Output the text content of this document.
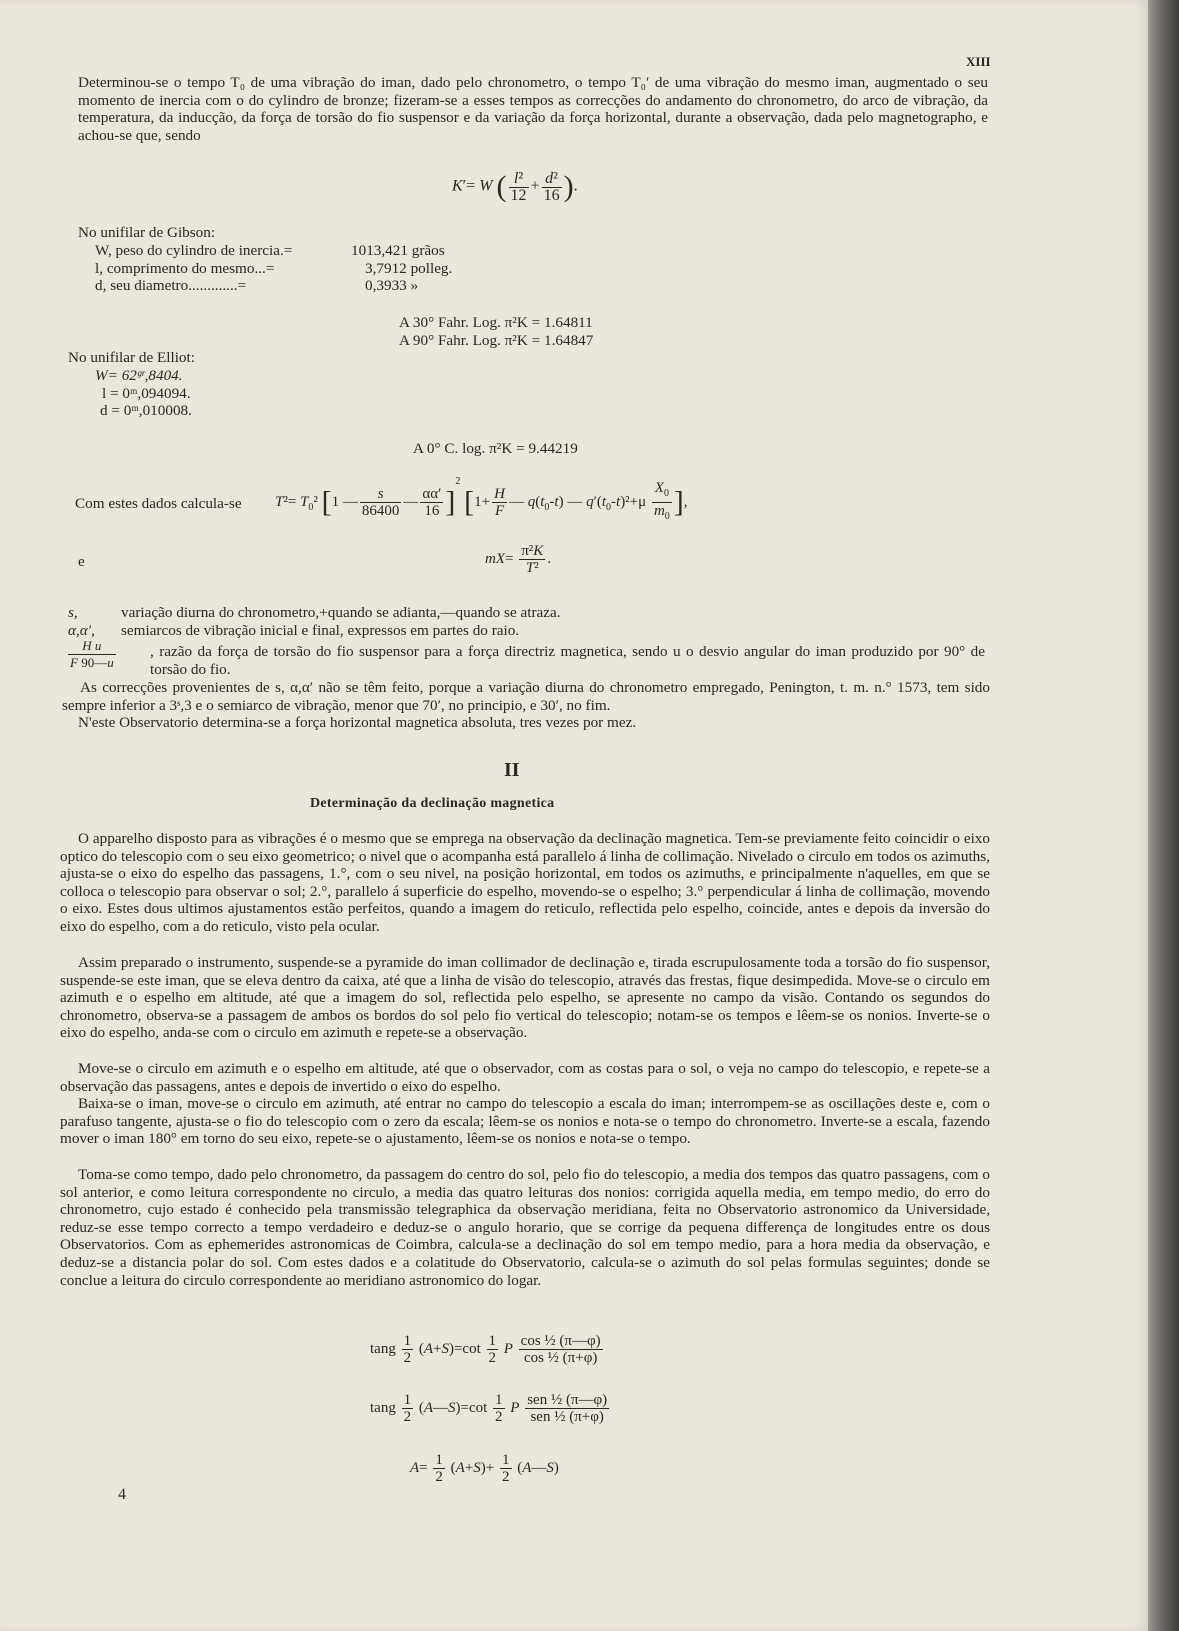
XIII
Determinou-se o tempo T₀ de uma vibração do iman, dado pelo chronometro, o tempo T₀′ de uma vibração do mesmo iman, augmentado o seu momento de inercia com o do cylindro de bronze; fizeram-se a esses tempos as correcções do andamento do chronometro, do arco de vibração, da temperatura, da inducção, da força de torsão do fio suspensor e da variação da força horizontal, durante a observação, dada pelo magnetographo, e achou-se que, sendo
K′= W ( $\frac{\text{l²}}{12} + \frac{\text{d²}}{16}$ ).
No unifilar de Gibson:
W, peso do cylindro de inercia.=	1013,421 grãos
l, comprimento do mesmo...=	3,7912 polleg.
d, seu diametro.............=	0,3933 »
A 30° Fahr. Log. π²K = 1.64811
A 90° Fahr. Log. π²K = 1.64847
No unifilar de Elliot:
W= 62ᵍʳ,8404.
l = 0ᵐ,094094.
d = 0ᵐ,010008.
A 0° C. log. π²K = 9.44219
Com estes dados calcula-se $T^2= T_0^2$ [1 — $\frac{s}{86400}$ — $\frac{\alpha\alpha'}{16} ]^2$ [$1+ \frac{H}{F}$ — $q(t_0-t)$ — $q'(t_0-t)^2+\mu \frac{X_0}{m_0}$ ],
e	$mX= \frac{\text{π²K}}{\text{T²}}$ .
s,	variação diurna do chronometro,+quando se adianta,—quando se atraza.
α,α′, semiarcos de vibração inicial e final, expressos em partes do raio.
$\frac{\text{H u}}{F 90—u}$ , razão da força de torsão do fio suspensor para a força directriz magnetica, sendo u o desvio angular do iman produzido por 90° de torsão do fio.
As correcções provenientes de s, α,α′ não se têm feito, porque a variação diurna do chronometro empregado, Penington, t. m. n.° 1573, tem sido sempre inferior a 3ˢ,3 e o semiarco de vibração, menor que 70′, no principio, e 30′, no fim.
N'este Observatorio determina-se a força horizontal magnetica absoluta, tres vezes por mez.
II
Determinação da declinação magnetica
O apparelho disposto para as vibrações é o mesmo que se emprega na observação da declinação magnetica. Tem-se previamente feito coincidir o eixo optico do telescopio com o seu eixo geometrico; o nivel que o acompanha está parallelo á linha de collimação. Nivelado o circulo em todos os azimuths, ajusta-se o eixo do espelho das passagens, 1.°, com o seu nivel, na posição horizontal, em todos os azimuths, e principalmente n'aquelles, em que se colloca o telescopio para observar o sol; 2.°, parallelo á superficie do espelho, movendo-se o espelho; 3.° perpendicular á linha de collimação, movendo o eixo. Estes dous ultimos ajustamentos estão perfeitos, quando a imagem do reticulo, reflectida pelo espelho, coincide, antes e depois da inversão do eixo do espelho, com a do reticulo, visto pela ocular.
Assim preparado o instrumento, suspende-se a pyramide do iman collimador de declinação e, tirada escrupulosamente toda a torsão do fio suspensor, suspende-se este iman, que se eleva dentro da caixa, até que a linha de visão do telescopio, através das frestas, fique desimpedida. Move-se o circulo em azimuth e o espelho em altitude, até que a imagem do sol, reflectida pelo espelho, se apresente no campo da visão. Contando os segundos do chronometro, observa-se a passagem de ambos os bordos do sol pelo fio vertical do telescopio; notam-se os tempos e lêem-se os nonios. Inverte-se o eixo do espelho, anda-se com o circulo em azimuth e repete-se a observação.
Move-se o circulo em azimuth e o espelho em altitude, até que o observador, com as costas para o sol, o veja no campo do telescopio, e repete-se a observação das passagens, antes e depois de invertido o eixo do espelho.
Baixa-se o iman, move-se o circulo em azimuth, até entrar no campo do telescopio a escala do iman; interrompem-se as oscillações deste e, com o parafuso tangente, ajusta-se o fio do telescopio com o zero da escala; lêem-se os nonios e nota-se o tempo do chronometro. Inverte-se a escala, fazendo mover o iman 180° em torno do seu eixo, repete-se o ajustamento, lêem-se os nonios e nota-se o tempo.
Toma-se como tempo, dado pelo chronometro, da passagem do centro do sol, pelo fio do telescopio, a media dos tempos das quatro passagens, com o sol anterior, e como leitura correspondente no circulo, a media das quatro leituras dos nonios: corrigida aquella media, em tempo medio, do erro do chronometro, cujo estado é conhecido pela transmissão telegraphica da observação meridiana, feita no Observatorio astronomico da Universidade, reduz-se esse tempo correcto a tempo verdadeiro e deduz-se o angulo horario, que se corrige da pequena differença de longitudes entre os dous Observatorios. Com as ephemerides astronomicas de Coimbra, calcula-se a declinação do sol em tempo medio, para a hora media da observação, e deduz-se a distancia polar do sol. Com estes dados e a colatitude do Observatorio, calcula-se o azimuth do sol pelas formulas seguintes; donde se conclue a leitura do circulo correspondente ao meridiano astronomico do logar.
tang $\frac{1}{2} (A+S)=\cot \frac{1}{2}$ P $\frac{\text{cos ½ (π—φ)}}{\text{cos ½ (π+φ)}}$
tang $\frac{1}{2}$ (A—S)=cot $\frac{1}{2}$ P $\frac{\text{sen ½ (π—φ)}}{\text{sen ½ (π+φ)}}$
$A= \frac{1}{2} (A+S)+ \frac{1}{2}$ (A—S)
4
